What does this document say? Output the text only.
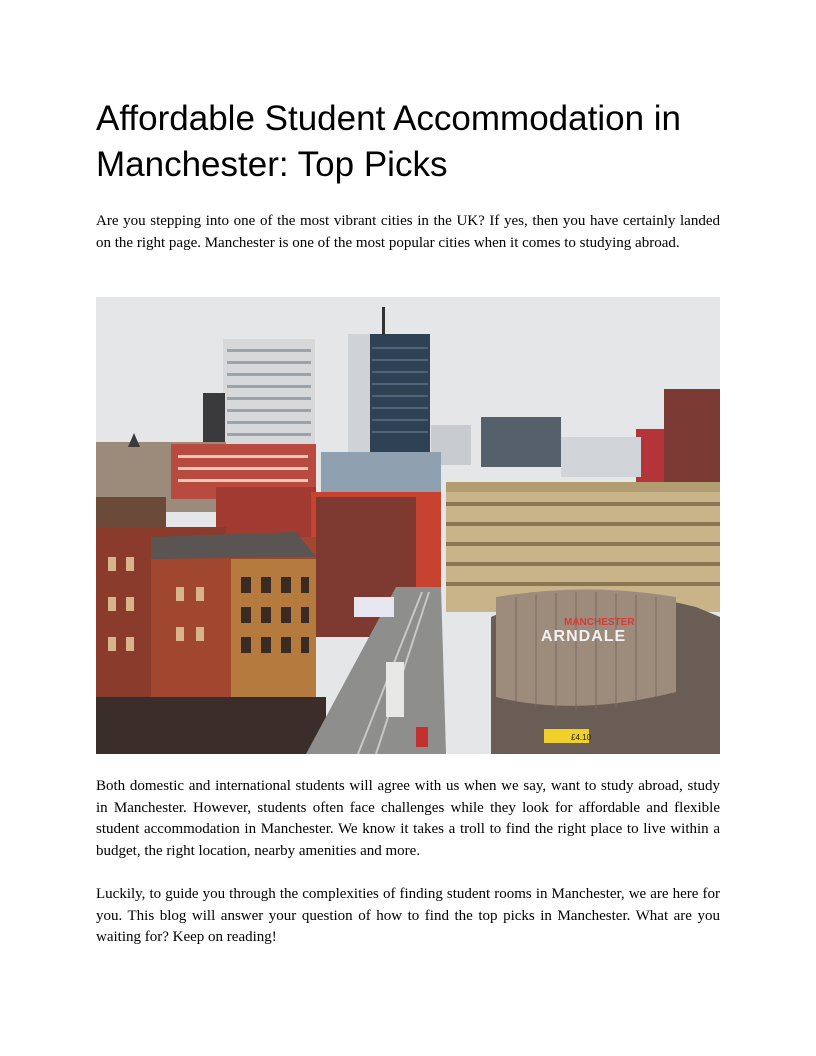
Affordable Student Accommodation in Manchester: Top Picks

Are you stepping into one of the most vibrant cities in the UK? If yes, then you have certainly landed on the right page. Manchester is one of the most popular cities when it comes to studying abroad.

MANCHESTER
ARNDALE
£4.10

Both domestic and international students will agree with us when we say, want to study abroad, study in Manchester. However, students often face challenges while they look for affordable and flexible student accommodation in Manchester. We know it takes a troll to find the right place to live within a budget, the right location, nearby amenities and more.

Luckily, to guide you through the complexities of finding student rooms in Manchester, we are here for you. This blog will answer your question of how to find the top picks in Manchester. What are you waiting for? Keep on reading!
